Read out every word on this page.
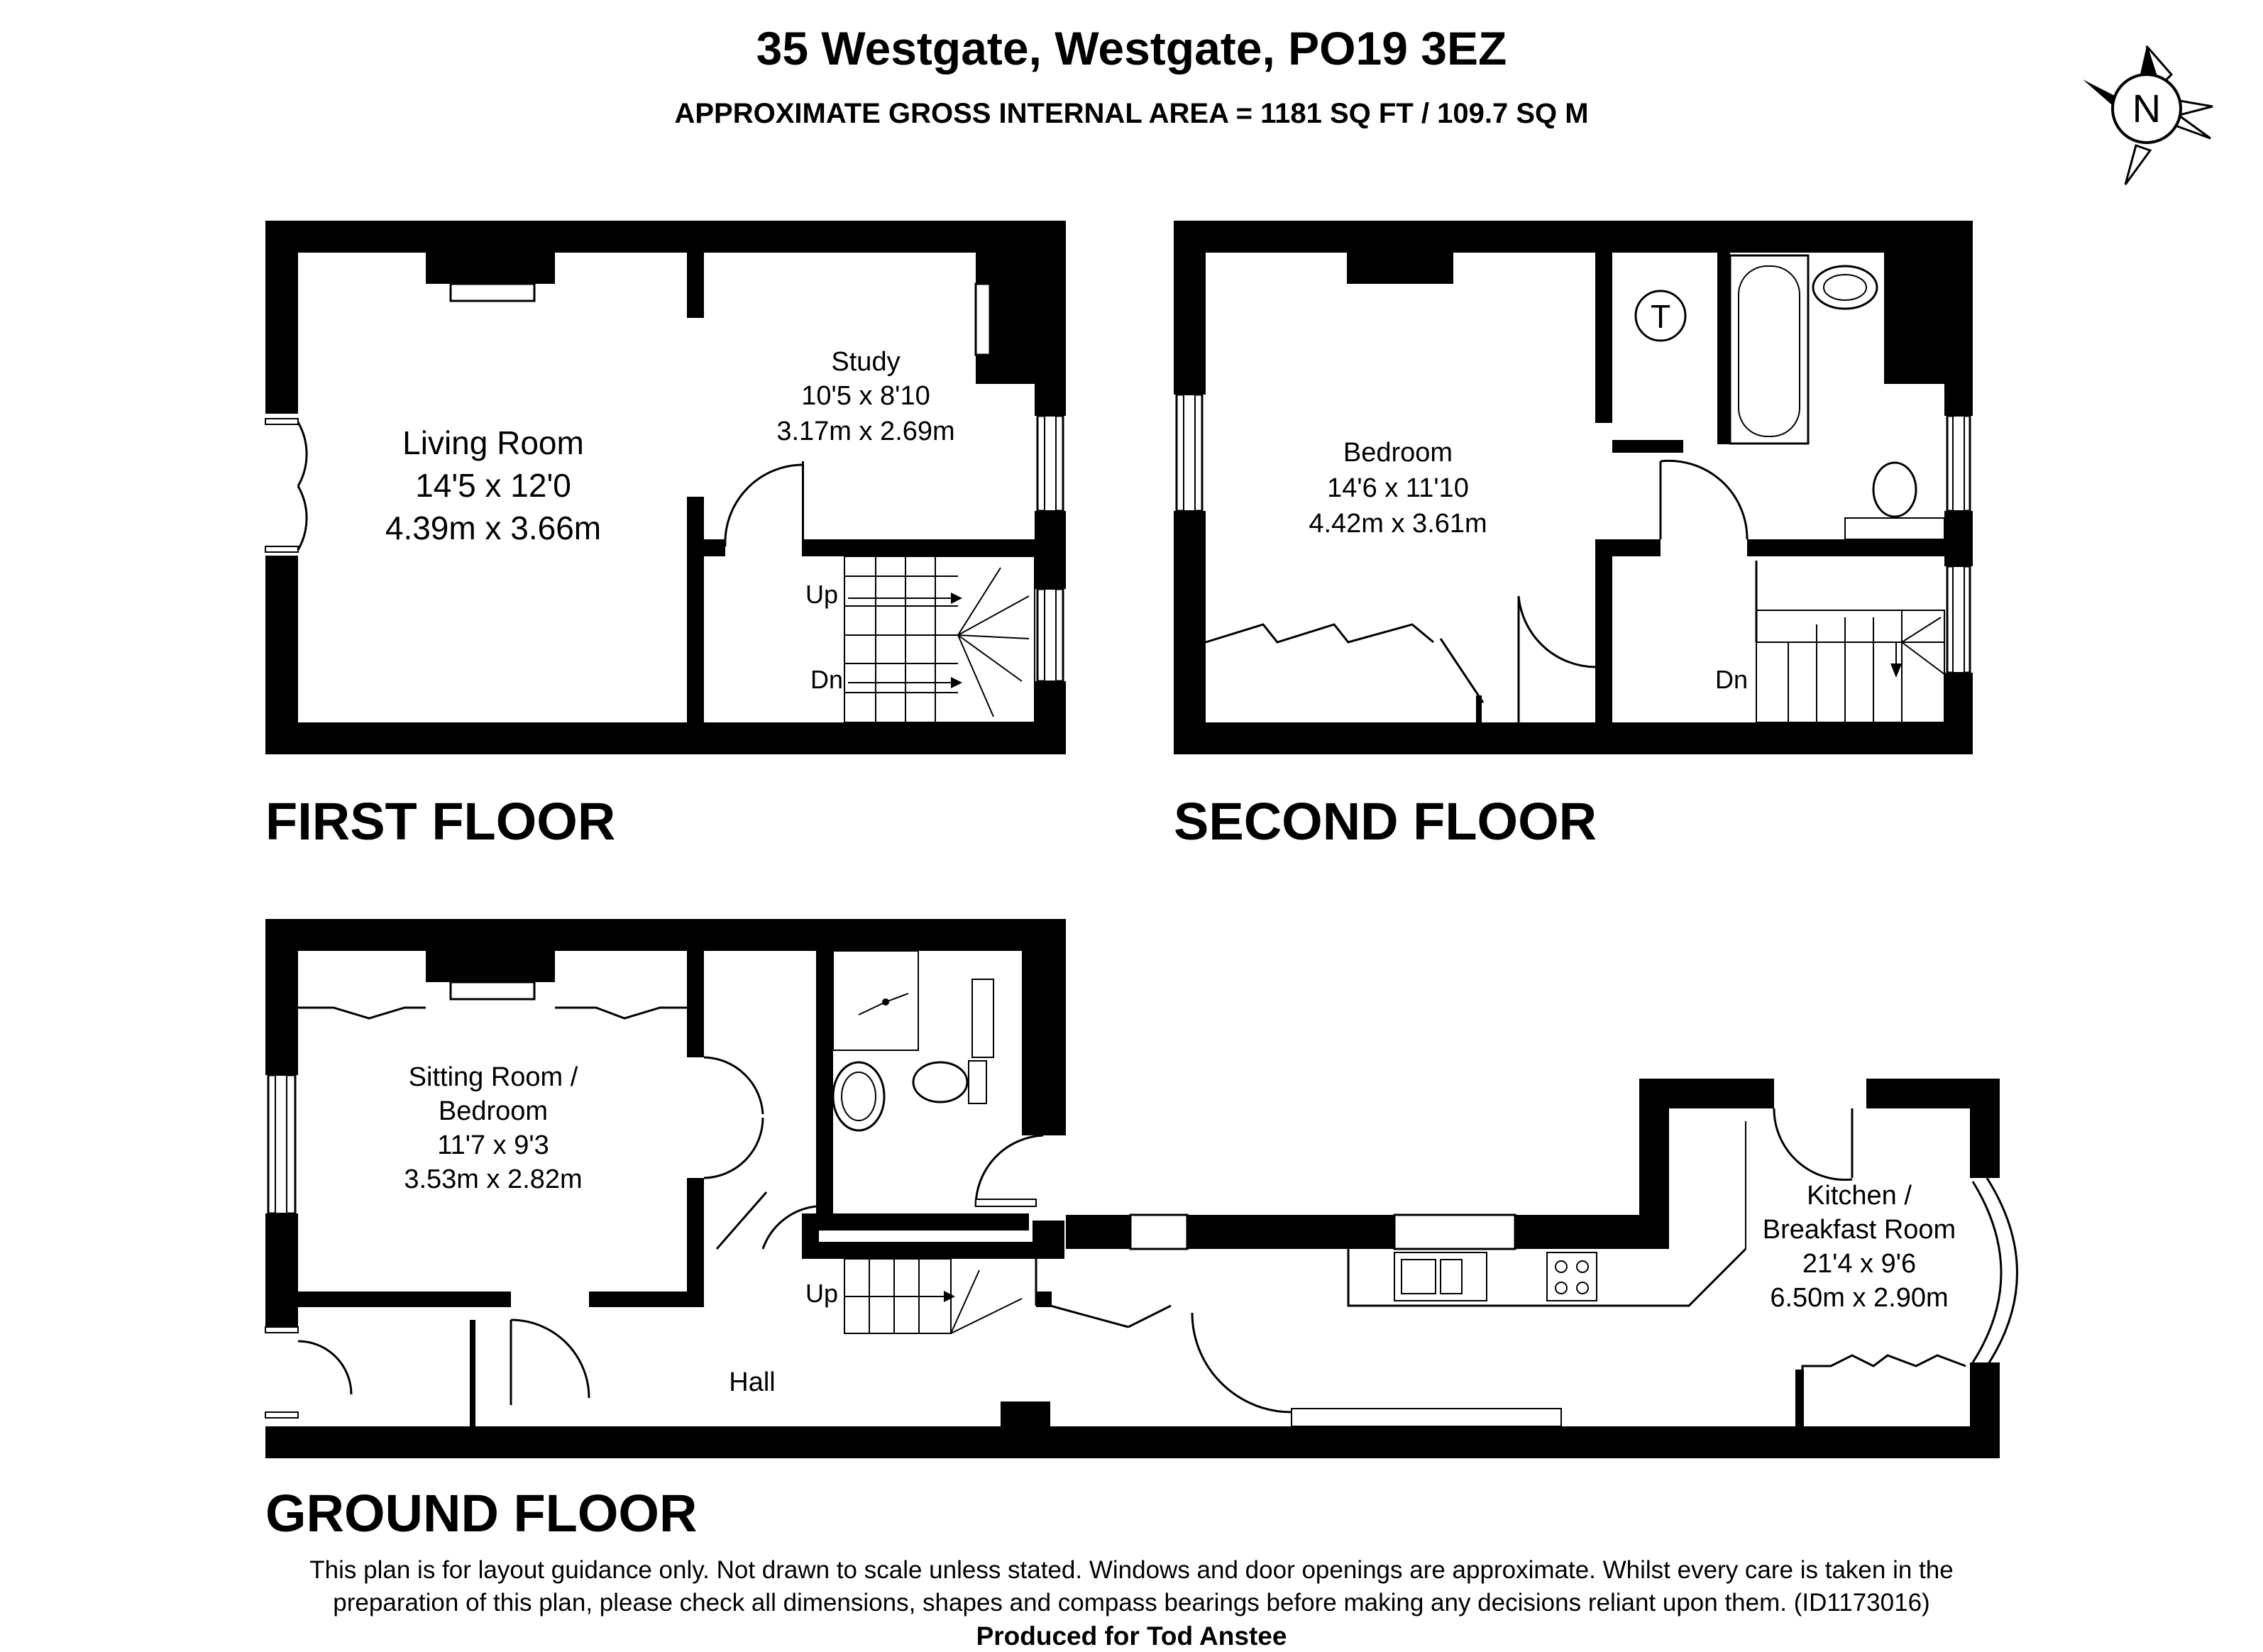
35 Westgate, Westgate, PO19 3EZ
APPROXIMATE GROSS INTERNAL AREA = 1181 SQ FT / 109.7 SQ M	N
Living Room
14'5 x 12'0
4.39m x 3.66m
Study
10'5 x 8'10
3.17m x 2.69m
Up
Dn
T
Bedroom
14'6 x 11'10
4.42m x 3.61m
Dn
Sitting Room /
Bedroom
11'7 x 9'3
3.53m x 2.82m
Kitchen /
Breakfast Room
21'4 x 9'6
6.50m x 2.90m
Hall
Up
FIRST FLOOR	SECOND FLOOR
GROUND FLOOR
This plan is for layout guidance only. Not drawn to scale unless stated. Windows and door openings are approximate. Whilst every care is taken in the
preparation of this plan, please check all dimensions, shapes and compass bearings before making any decisions reliant upon them. (ID1173016)
Produced for Tod Anstee
